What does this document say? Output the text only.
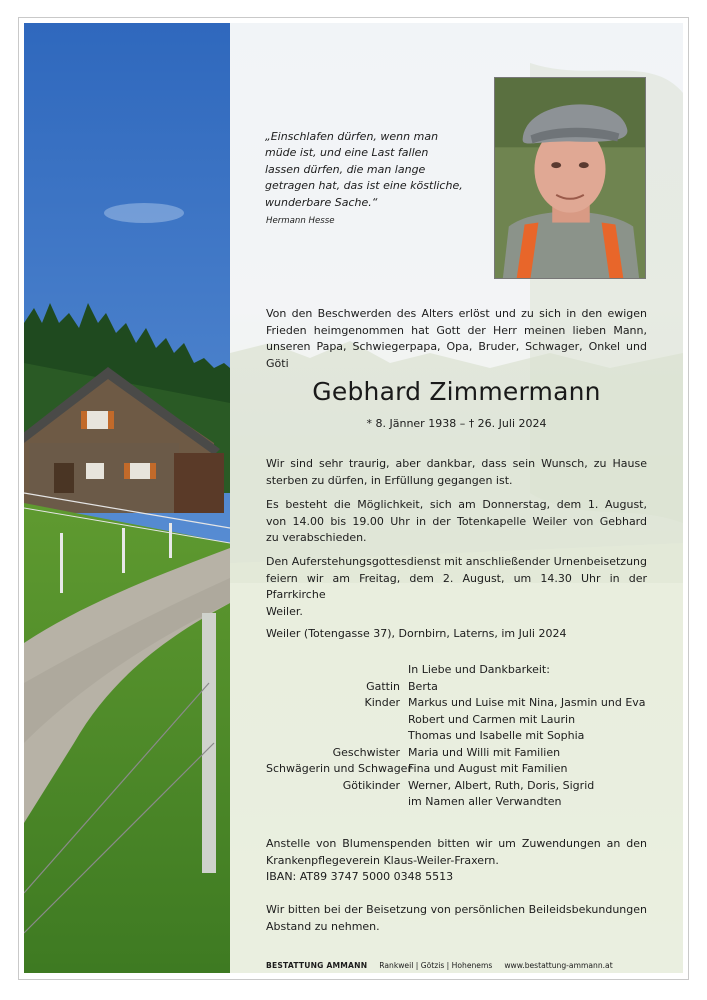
„Einschlafen dürfen, wenn man
müde ist, und eine Last fallen
lassen dürfen, die man lange
getragen hat, das ist eine köstliche,
wunderbare Sache.“
Hermann Hesse
Von den Beschwerden des Alters erlöst und zu sich in den ewigen
Frieden heimgenommen hat Gott der Herr meinen lieben Mann,
unseren Papa, Schwiegerpapa, Opa, Bruder, Schwager, Onkel und Göti
Gebhard Zimmermann
* 8. Jänner 1938 – † 26. Juli 2024
Wir sind sehr traurig, aber dankbar, dass sein Wunsch, zu Hause
sterben zu dürfen, in Erfüllung gegangen ist.
Es besteht die Möglichkeit, sich am Donnerstag, dem 1. August,
von 14.00 bis 19.00 Uhr in der Totenkapelle Weiler von Gebhard
zu verabschieden.
Den Auferstehungsgottesdienst mit anschließender Urnenbeisetzung
feiern wir am Freitag, dem 2. August, um 14.30 Uhr in der Pfarrkirche
Weiler.
Weiler (Totengasse 37), Dornbirn, Laterns, im Juli 2024
In Liebe und Dankbarkeit:
Gattin Berta
Kinder Markus und Luise mit Nina, Jasmin und Eva
Robert und Carmen mit Laurin
Thomas und Isabelle mit Sophia
Geschwister Maria und Willi mit Familien
Schwägerin und Schwager
Fina und August mit Familien
Götikinder Werner, Albert, Ruth, Doris, Sigrid
im Namen aller Verwandten
Anstelle von Blumenspenden bitten wir um Zuwendungen an den
Krankenpflegeverein Klaus-Weiler-Fraxern.
IBAN: AT89 3747 5000 0348 5513
Wir bitten bei der Beisetzung von persönlichen Beileidsbekundungen
Abstand zu nehmen.
BESTATTUNG AMMANN Rankweil | Götzis | Hohenems www.bestattung-ammann.at
